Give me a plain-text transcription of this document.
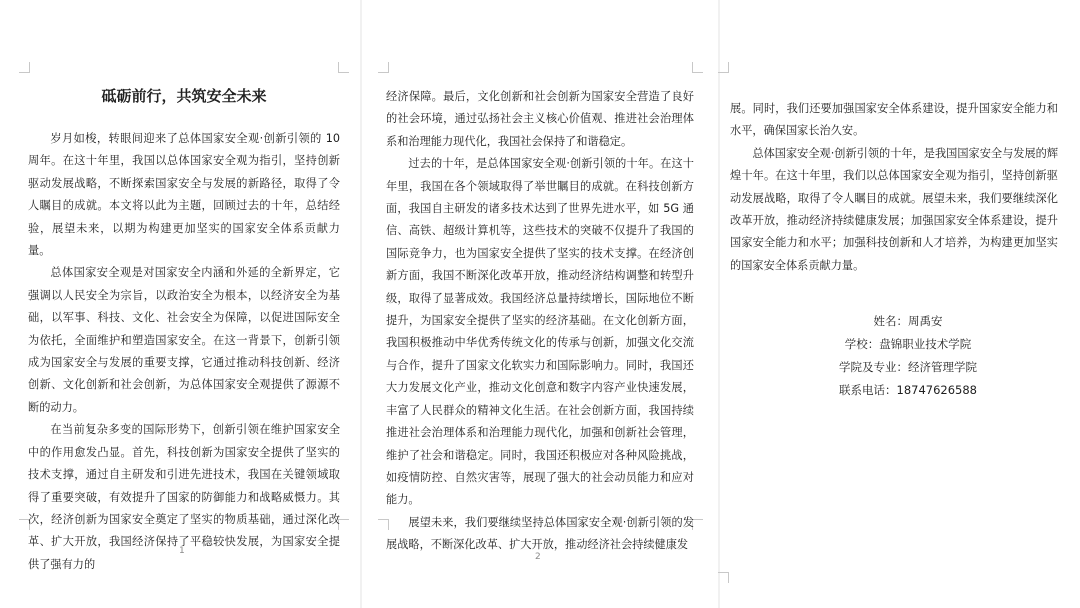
砥砺前行，共筑安全未来

岁月如梭，转眼间迎来了总体国家安全观·创新引领的 10 周年。在这十年里，我国以总体国家安全观为指引，坚持创新驱动发展战略，不断探索国家安全与发展的新路径，取得了令人瞩目的成就。本文将以此为主题，回顾过去的十年，总结经验，展望未来，以期为构建更加坚实的国家安全体系贡献力量。

总体国家安全观是对国家安全内涵和外延的全新界定，它强调以人民安全为宗旨，以政治安全为根本，以经济安全为基础，以军事、科技、文化、社会安全为保障，以促进国际安全为依托，全面维护和塑造国家安全。在这一背景下，创新引领成为国家安全与发展的重要支撑，它通过推动科技创新、经济创新、文化创新和社会创新，为总体国家安全观提供了源源不断的动力。

在当前复杂多变的国际形势下，创新引领在维护国家安全中的作用愈发凸显。首先，科技创新为国家安全提供了坚实的技术支撑，通过自主研发和引进先进技术，我国在关键领域取得了重要突破，有效提升了国家的防御能力和战略威慑力。其次，经济创新为国家安全奠定了坚实的物质基础，通过深化改革、扩大开放，我国经济保持了平稳较快发展，为国家安全提供了强有力的

1

经济保障。最后，文化创新和社会创新为国家安全营造了良好的社会环境，通过弘扬社会主义核心价值观、推进社会治理体系和治理能力现代化，我国社会保持了和谐稳定。

过去的十年，是总体国家安全观·创新引领的十年。在这十年里，我国在各个领域取得了举世瞩目的成就。在科技创新方面，我国自主研发的诸多技术达到了世界先进水平，如 5G 通信、高铁、超级计算机等，这些技术的突破不仅提升了我国的国际竞争力，也为国家安全提供了坚实的技术支撑。在经济创新方面，我国不断深化改革开放，推动经济结构调整和转型升级，取得了显著成效。我国经济总量持续增长，国际地位不断提升，为国家安全提供了坚实的经济基础。在文化创新方面，我国积极推动中华优秀传统文化的传承与创新，加强文化交流与合作，提升了国家文化软实力和国际影响力。同时，我国还大力发展文化产业，推动文化创意和数字内容产业快速发展，丰富了人民群众的精神文化生活。在社会创新方面，我国持续推进社会治理体系和治理能力现代化，加强和创新社会管理，维护了社会和谐稳定。同时，我国还积极应对各种风险挑战，如疫情防控、自然灾害等，展现了强大的社会动员能力和应对能力。

展望未来，我们要继续坚持总体国家安全观·创新引领的发展战略，不断深化改革、扩大开放，推动经济社会持续健康发

2

展。同时，我们还要加强国家安全体系建设，提升国家安全能力和水平，确保国家长治久安。

总体国家安全观·创新引领的十年，是我国国家安全与发展的辉煌十年。在这十年里，我们以总体国家安全观为指引，坚持创新驱动发展战略，取得了令人瞩目的成就。展望未来，我们要继续深化改革开放，推动经济持续健康发展；加强国家安全体系建设，提升国家安全能力和水平；加强科技创新和人才培养，为构建更加坚实的国家安全体系贡献力量。

姓名：周禹安
学校：盘锦职业技术学院
学院及专业：经济管理学院
联系电话：18747626588
